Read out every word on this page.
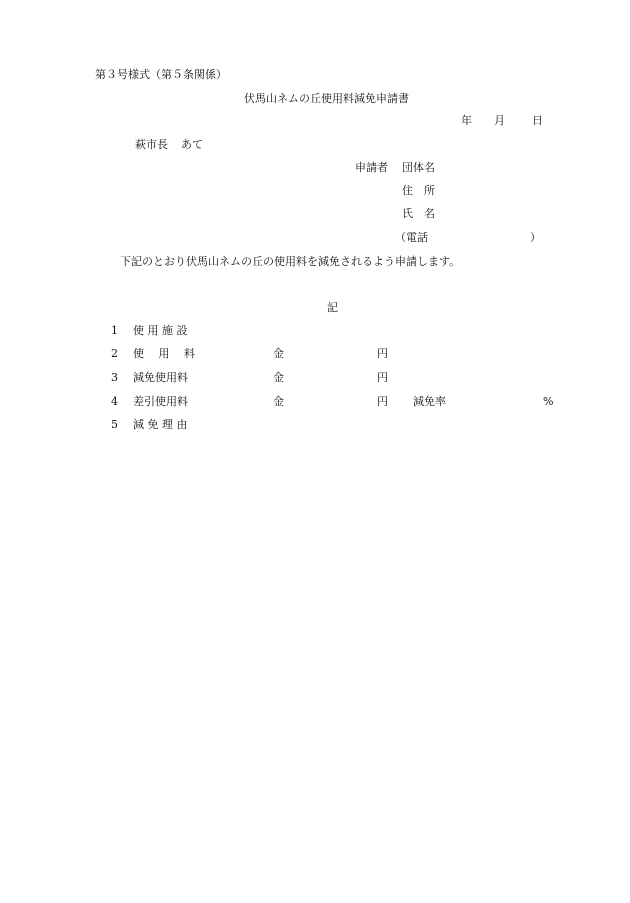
第３号様式（第５条関係）
伏馬山ネムの丘使用料減免申請書
年 月 日
萩市長 あて
申請者 団体名
住　所
氏　名
（電話	）
下記のとおり伏馬山ネムの丘の使用料を減免されるよう申請します。
記
1 使 用 施 設
2 使　 用　 料	金	円
3 減免使用料	金	円
4 差引使用料	金	円 減免率	%
5 減 免 理 由
